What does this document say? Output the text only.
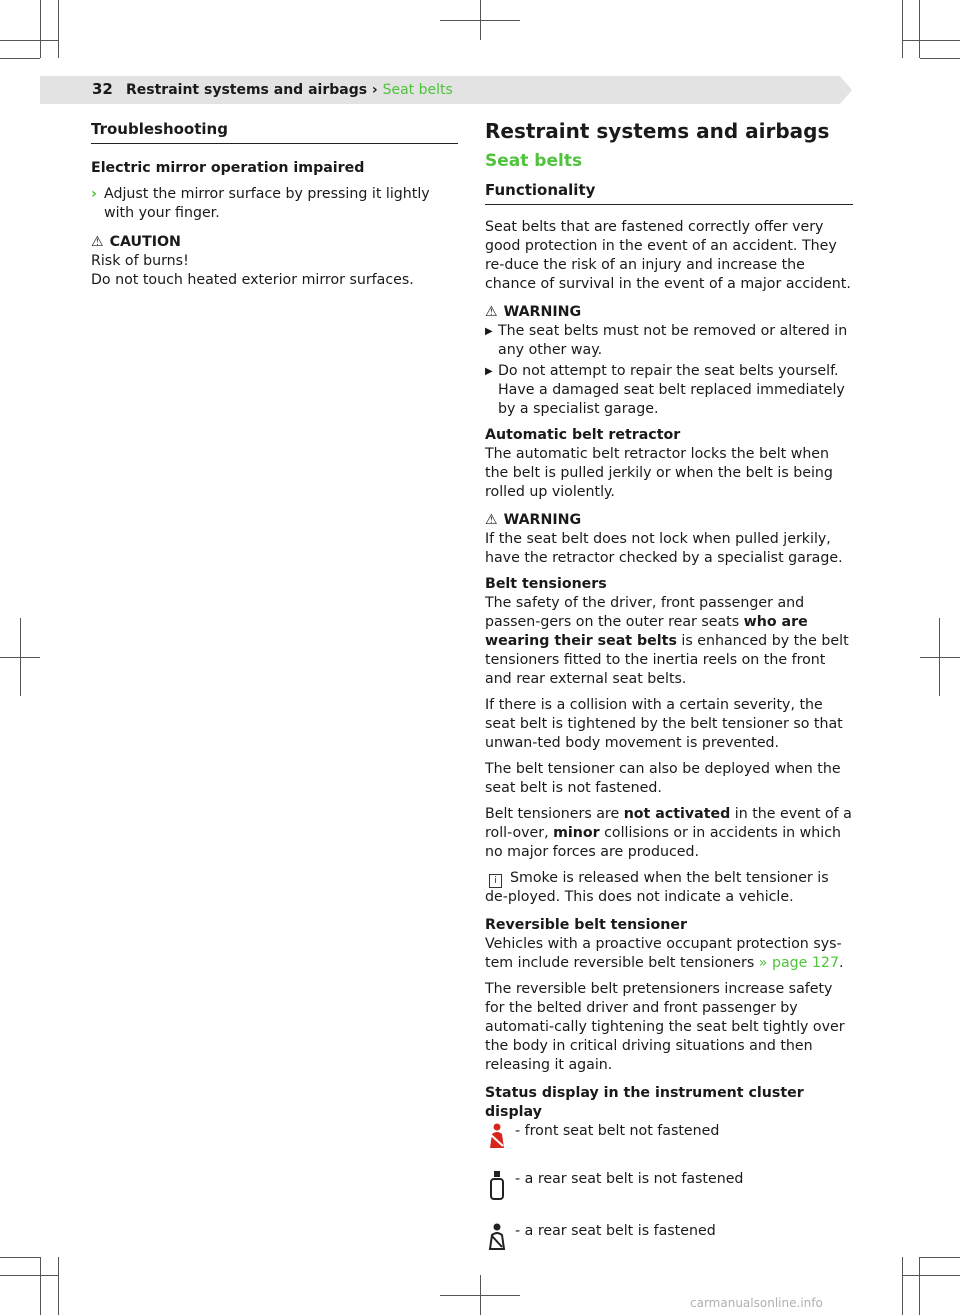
32 Restraint systems and airbags › Seat belts
Troubleshooting

Electric mirror operation impaired

› Adjust the mirror surface by pressing it lightly with your finger.
⚠ CAUTION
Risk of burns!
Do not touch heated exterior mirror surfaces.
Restraint systems and airbags
Seat belts
Functionality

Seat belts that are fastened correctly offer very good protection in the event of an accident. They re-duce the risk of an injury and increase the chance of survival in the event of a major accident.

⚠ WARNING
▶ The seat belts must not be removed or altered in any other way.
▶ Do not attempt to repair the seat belts yourself. Have a damaged seat belt replaced immediately by a specialist garage.
Automatic belt retractor

The automatic belt retractor locks the belt when the belt is pulled jerkily or when the belt is being rolled up violently.

⚠ WARNING

If the seat belt does not lock when pulled jerkily, have the retractor checked by a specialist garage.

Belt tensioners

The safety of the driver, front passenger and passen-gers on the outer rear seats who are wearing their seat belts is enhanced by the belt tensioners fitted to the inertia reels on the front and rear external seat belts.

If there is a collision with a certain severity, the seat belt is tightened by the belt tensioner so that unwan-ted body movement is prevented.

The belt tensioner can also be deployed when the seat belt is not fastened.

Belt tensioners are not activated in the event of a roll-over, minor collisions or in accidents in which no major forces are produced.

i Smoke is released when the belt tensioner is de-ployed. This does not indicate a vehicle.

Reversible belt tensioner

Vehicles with a proactive occupant protection sys-tem include reversible belt tensioners » page 127.

The reversible belt pretensioners increase safety for the belted driver and front passenger by automati-cally tightening the seat belt tightly over the body in critical driving situations and then releasing it again.

Status display in the instrument cluster display
- front seat belt not fastened
- a rear seat belt is not fastened
- a rear seat belt is fastened
carmanualsonline.info
